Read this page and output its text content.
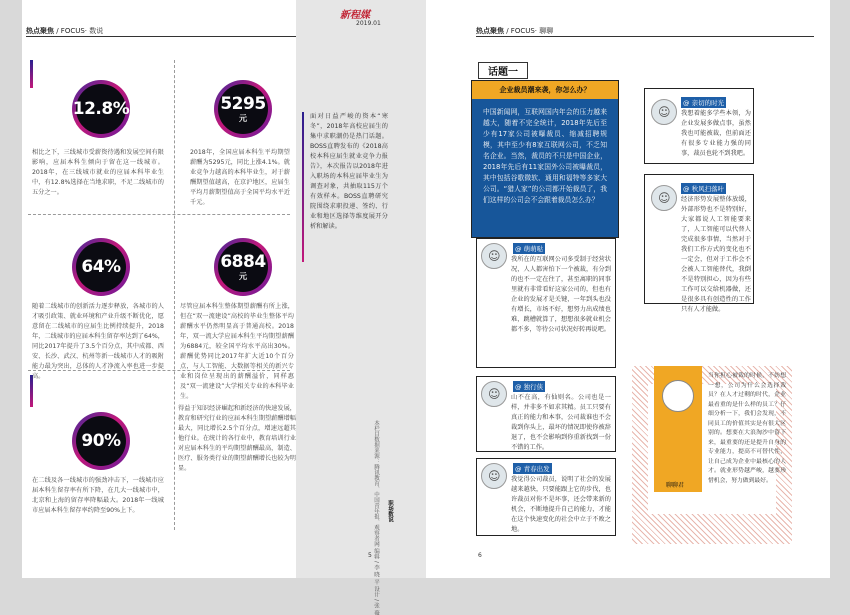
热点聚焦 / FOCUS· 数说
12.8%	5295
元
64%	6884
元
90%
相比之下，三线城市受薪资待遇和发展空间有限影响，应届本科生倾向于留在这一线城市。2018年，在三线城市就业的应届本科毕业生中，有12.8%选择在当地求职，不足二线城市的五分之一。
2018年，全国应届本科生平均期望薪酬为5295元，同比上涨4.1%。就业竞争力越高的本科毕业生，对于薪酬期望值越高，在京沪地区，应届生平均月薪期望值高于全国平均水平近千元。
随着二线城市的创新活力逐步释放，各城市的人才吸引政策、就业环境和产业升级不断优化，愿意留在二线城市的应届生比例持续提升，2018年，二线城市的应届本科生留存率达到了64%，同比2017年提升了3.5个百分点，其中成都、西安、长沙、武汉、杭州等新一线城市人才的吸附能力最为突出，总体的人才净流入率也进一步提高。
尽管应届本科生整体期望薪酬有所上涨，但在“双一流建设”高校的毕业生整体平均薪酬水平仍然明显高于普通高校。2018年，双一流大学应届本科生平均期望薪酬为6884元，较全国平均水平高出30%。薪酬优势同比2017年扩大近10个百分点，与人工智能、大数据等相关的新兴专业和岗位呈现出的薪酬溢价，同样惠及“双一流建设”大学相关专业的本科毕业生。
在二线及各一线城市的强劲冲击下，一线城市应届本科生留存率有所下降，在几大一线城市中，北京和上海的留存率降幅最大。2018年一线城市应届本科生留存率约降至90%上下。
得益于知识经济崛起和新经济的快速发展，教育和研究行业的应届本科生期望薪酬增幅最大，同比增长2.5个百分点，增速远超其他行业。在统计的各行业中，教育培训行业对应届本科生的平均期望薪酬最高，制造、医疗、服务类行业的期望薪酬增长也较为明显。
新程媒
2019.01
面对日益严峻的资本“寒冬”，2018年高校应届生的集中求职潮仍是热门话题。BOSS直聘发布的《2018高校本科应届生就业竞争力报告》，本次报告以2018年进入职场的本科应届毕业生为调查对象，共抽取115万个有效样本。BOSS直聘研究院围绕求职投递、签约、行业和地区选择等维度展开分析和解读。
本栏目数据来源：腾讯教育、中国青年报、观察者网 编辑 / 李 晓 平 设计 / 张 薇 职场数说
5
热点聚焦 / FOCUS· 聊聊
话题一
企业裁员潮来袭，你怎么办？
中国新闻网，互联网国内年会的压力越来越大，随着不完全统计，2018年先后至少有17家公司被曝裁员、缩减招聘规模，其中至少有8家互联网公司，不乏知名企业。当然，裁员的不只是中国企业，2018年先后有11家国外公司被曝裁员，其中包括谷歌微软、通用和福特等多家大公司。“猎人家”的公司都开始裁员了，我们这样的公司会不会跟着裁员怎么办？
☺	@ 萌萌哒
我所在的互联网公司多受制于经营状况，人人都害怕下一个被裁，有分到的也不一定在往了，甚至离职的同事里就有非常看好这家公司的，但也有企业的发展才是关键，一年到头也没有增长，市场不好，想努力出成绩也难，跳槽就算了，想想很多就业机会都不多，等待公司状况好转再说吧。
☺
@ 亲切的时光
我想着能多学些本领，为企业发展多做点事，虽然我也可能被裁，但前面还有很多专业能力强的同事，裁员也轮不到我吧。
☺
@ 秋风扫落叶
经济形势发展整体放缓，外部形势也不是特别好，大家都说人工智能要来了，人工智能可以代替人完成很多事情，当然对于我们工作方式的变化也不一定会，但对于工作会不会被人工智能替代，我倒不是特别担心，因为有些工作可以交给机器做，还是很多具有创造性的工作只有人才能做。
☺	@ 独行侠
山不在高，有仙则名。公司也是一样，并非多不如求其精。员工只要有真正的能力和本事，公司裁谁也不会裁到你头上，最坏的情况即使你被辞退了，也不会影响到你重新找到一份不错的工作。
☺	@ 青春出发
我觉得公司裁员，说明了社会的发展越来越快，只要能跟上它的步伐，也许裁员对你不是坏事，还会带来新的机会，不断地提升自己的能力，才能在这个快速变化的社会中立于不败之地。
聊聊君
当你担心被裁的时候，不妨想一想，公司为什么会选择裁员？在人才过剩的时代，企业最看重的是什么样的员工？仔细分析一下，我们会发现，不同员工的价值其实是有很大区别的。想要在大浪淘沙中留下来，最重要的还是提升自身的专业能力，提高不可替代性，让自己成为企业中最核心的人才。就业形势越严峻，越要珍惜机会，努力做到最好。
6
